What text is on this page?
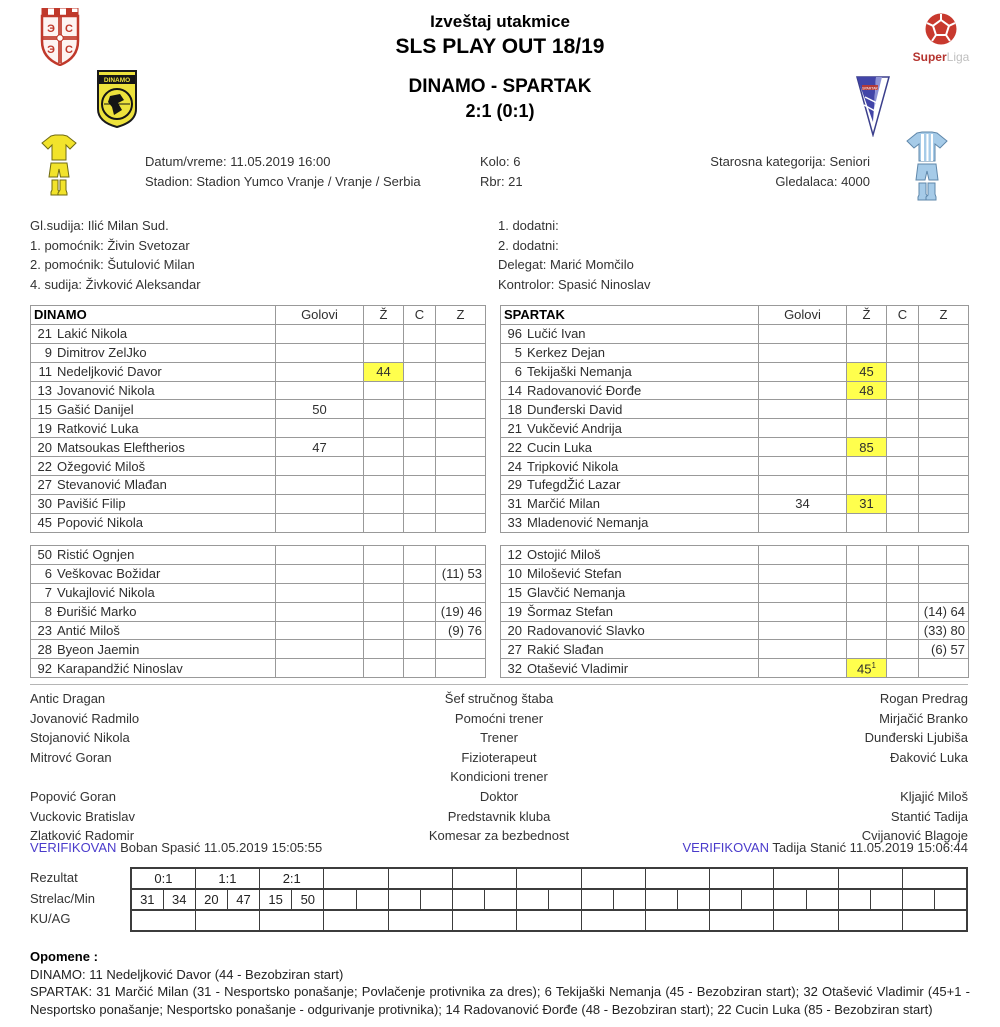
Izveštaj utakmice
SLS PLAY OUT 18/19
DINAMO - SPARTAK
2:1 (0:1)
Э С
Э С
DINAMO
SuperLiga
SPARTAK
Datum/vreme: 11.05.2019 16:00
Stadion: Stadion Yumco Vranje / Vranje / Serbia
Kolo: 6
Rbr: 21
Starosna kategorija: Seniori
Gledalaca: 4000
Gl.sudija: Ilić Milan Sud.
1. pomoćnik: Živin Svetozar
2. pomoćnik: Šutulović Milan
4. sudija: Živković Aleksandar
1. dodatni:
2. dodatni:
Delegat: Marić Momčilo
Kontrolor: Spasić Ninoslav
DINAMO	Golovi	Ž	C	Z
21 Lakić Nikola				
9 Dimitrov ZelJko				
11 Nedeljković Davor		44		
13 Jovanović Nikola				
15 Gašić Danijel	50			
19 Ratković Luka				
20 Matsoukas Eleftherios	47			
22 Ožegović Miloš				
27 Stevanović Mlađan				
30 Pavišić Filip				
45 Popović Nikola				
SPARTAK	Golovi	Ž	C	Z
96 Lučić Ivan				
5 Kerkez Dejan				
6 Tekijaški Nemanja		45		
14 Radovanović Đorđe		48		
18 Dunđerski David				
21 Vukčević Andrija				
22 Cucin Luka		85		
24 Tripković Nikola				
29 TufegdŽić Lazar				
31 Marčić Milan	34	31		
33 Mladenović Nemanja				
50 Ristić Ognjen				
6 Veškovac Božidar				(11) 53
7 Vukajlović Nikola				
8 Đurišić Marko				(19) 46
23 Antić Miloš				(9) 76
28 Byeon Jaemin				
92 Karapandžić Ninoslav				
12 Ostojić Miloš				
10 Milošević Stefan				
15 Glavčić Nemanja				
19 Šormaz Stefan				(14) 64
20 Radovanović Slavko				(33) 80
27 Rakić Slađan				(6) 57
32 Otašević Vladimir		$45^1$		
Antic Dragan	Šef stručnog štaba	Rogan Predrag
Jovanović Radmilo	Pomoćni trener	Mirjačić Branko
Stojanović Nikola	Trener	Dunđerski Ljubiša
Mitrovć Goran	Fizioterapeut	Đaković Luka

Kondicioni trener

Popović Goran	Doktor	Kljajić Miloš
Vuckovic Bratislav	Predstavnik kluba	Stantić Tadija
Zlatković Radomir	Komesar za bezbednost	Cvijanović Blagoje
VERIFIKOVAN Boban Spasić 11.05.2019 15:05:55	VERIFIKOVAN Tadija Stanić 11.05.2019 15:06:44
Rezultat
Strelac/Min
KU/AG
0:1		1:1		2:1																					
31	34	20	47	15	50																				

Opomene :
DINAMO: 11 Nedeljković Davor (44 - Bezobziran start)

SPARTAK: 31 Marčić Milan (31 - Nesportsko ponašanje; Povlačenje protivnika za dres); 6 Tekijaški Nemanja (45 - Bezobziran start); 32 Otašević Vladimir (45+1 - Nesportsko ponašanje; Nesportsko ponašanje - odgurivanje protivnika); 14 Radovanović Đorđe (48 - Bezobziran start); 22 Cucin Luka (85 - Bezobziran start)
